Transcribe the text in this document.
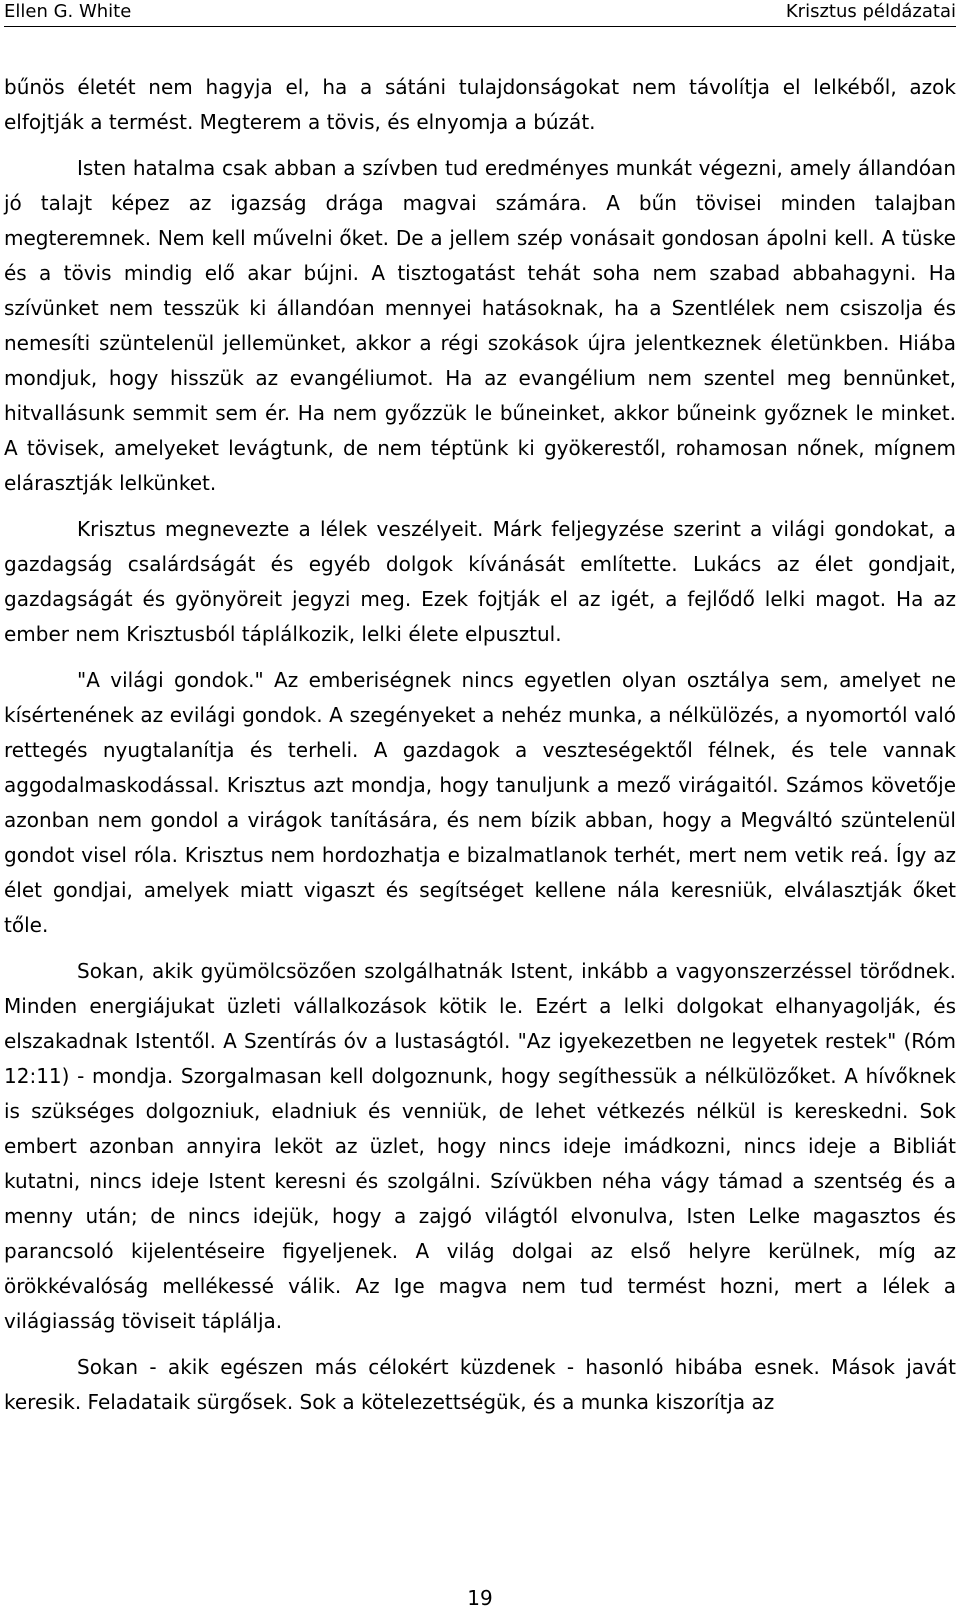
Ellen G. White	Krisztus példázatai

bűnös életét nem hagyja el, ha a sátáni tulajdonságokat nem távolítja el lelkéből, azok elfojtják a termést. Megterem a tövis, és elnyomja a búzát.

Isten hatalma csak abban a szívben tud eredményes munkát végezni, amely állandóan jó talajt képez az igazság drága magvai számára. A bűn tövisei minden talajban megteremnek. Nem kell művelni őket. De a jellem szép vonásait gondosan ápolni kell. A tüske és a tövis mindig elő akar bújni. A tisztogatást tehát soha nem szabad abbahagyni. Ha szívünket nem tesszük ki állandóan mennyei hatásoknak, ha a Szentlélek nem csiszolja és nemesíti szüntelenül jellemünket, akkor a régi szokások újra jelentkeznek életünkben. Hiába mondjuk, hogy hisszük az evangéliumot. Ha az evangélium nem szentel meg bennünket, hitvallásunk semmit sem ér. Ha nem győzzük le bűneinket, akkor bűneink győznek le minket. A tövisek, amelyeket levágtunk, de nem téptünk ki gyökerestől, rohamosan nőnek, mígnem elárasztják lelkünket.

Krisztus megnevezte a lélek veszélyeit. Márk feljegyzése szerint a világi gondokat, a gazdagság csalárdságát és egyéb dolgok kívánását említette. Lukács az élet gondjait, gazdagságát és gyönyöreit jegyzi meg. Ezek fojtják el az igét, a fejlődő lelki magot. Ha az ember nem Krisztusból táplálkozik, lelki élete elpusztul.

"A világi gondok." Az emberiségnek nincs egyetlen olyan osztálya sem, amelyet ne kísértenének az evilági gondok. A szegényeket a nehéz munka, a nélkülözés, a nyomortól való rettegés nyugtalanítja és terheli. A gazdagok a veszteségektől félnek, és tele vannak aggodalmaskodással. Krisztus azt mondja, hogy tanuljunk a mező virágaitól. Számos követője azonban nem gondol a virágok tanítására, és nem bízik abban, hogy a Megváltó szüntelenül gondot visel róla. Krisztus nem hordozhatja e bizalmatlanok terhét, mert nem vetik reá. Így az élet gondjai, amelyek miatt vigaszt és segítséget kellene nála keresniük, elválasztják őket tőle.

Sokan, akik gyümölcsözően szolgálhatnák Istent, inkább a vagyonszerzéssel törődnek. Minden energiájukat üzleti vállalkozások kötik le. Ezért a lelki dolgokat elhanyagolják, és elszakadnak Istentől. A Szentírás óv a lustaságtól. "Az igyekezetben ne legyetek restek" (Róm 12:11) - mondja. Szorgalmasan kell dolgoznunk, hogy segíthessük a nélkülözőket. A hívőknek is szükséges dolgozniuk, eladniuk és venniük, de lehet vétkezés nélkül is kereskedni. Sok embert azonban annyira leköt az üzlet, hogy nincs ideje imádkozni, nincs ideje a Bibliát kutatni, nincs ideje Istent keresni és szolgálni. Szívükben néha vágy támad a szentség és a menny után; de nincs idejük, hogy a zajgó világtól elvonulva, Isten Lelke magasztos és parancsoló kijelentéseire figyeljenek. A világ dolgai az első helyre kerülnek, míg az örökkévalóság mellékessé válik. Az Ige magva nem tud termést hozni, mert a lélek a világiasság töviseit táplálja.

Sokan - akik egészen más célokért küzdenek - hasonló hibába esnek. Mások javát keresik. Feladataik sürgősek. Sok a kötelezettségük, és a munka kiszorítja az

19
